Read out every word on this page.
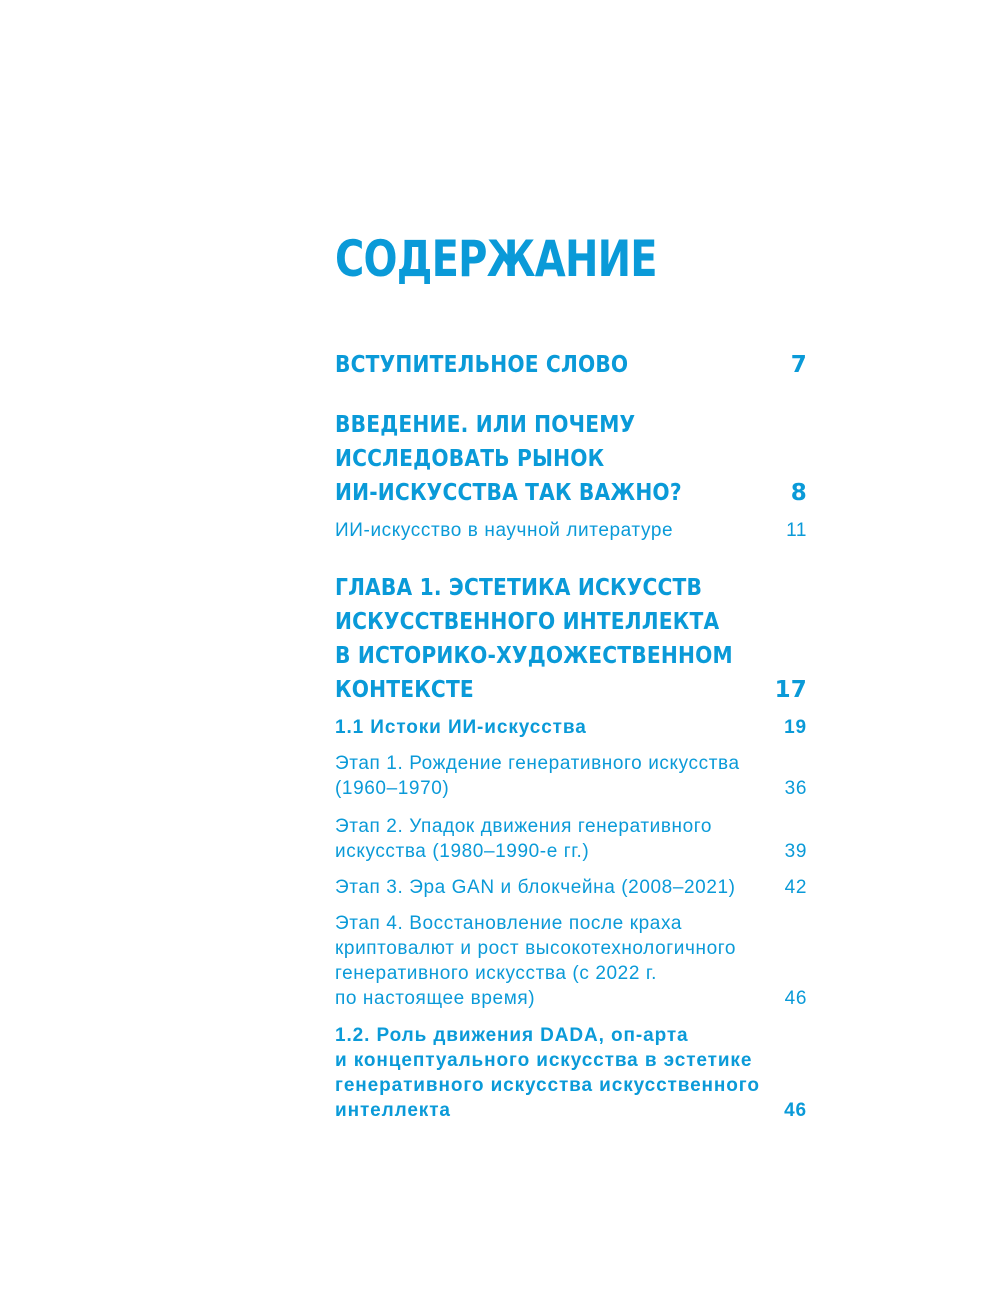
СОДЕРЖАНИЕ
ВСТУПИТЕЛЬНОЕ СЛОВО	7
ВВЕДЕНИЕ. ИЛИ ПОЧЕМУ
ИССЛЕДОВАТЬ РЫНОК
ИИ-ИСКУССТВА ТАК ВАЖНО?	8
ИИ-искусство в научной литературе	11
ГЛАВА 1. ЭСТЕТИКА ИСКУССТВ
ИСКУССТВЕННОГО ИНТЕЛЛЕКТА
В ИСТОРИКО-ХУДОЖЕСТВЕННОМ
КОНТЕКСТЕ	17
1.1 Истоки ИИ-искусства	19
Этап 1. Рождение генеративного искусства
(1960–1970)	36
Этап 2. Упадок движения генеративного
искусства (1980–1990-е гг.)	39
Этап 3. Эра GAN и блокчейна (2008–2021)	42
Этап 4. Восстановление после краха
криптовалют и рост высокотехнологичного
генеративного искусства (с 2022 г.
по настоящее время)	46
1.2. Роль движения DADA, оп-арта
и концептуального искусства в эстетике
генеративного искусства искусственного
интеллекта	46
